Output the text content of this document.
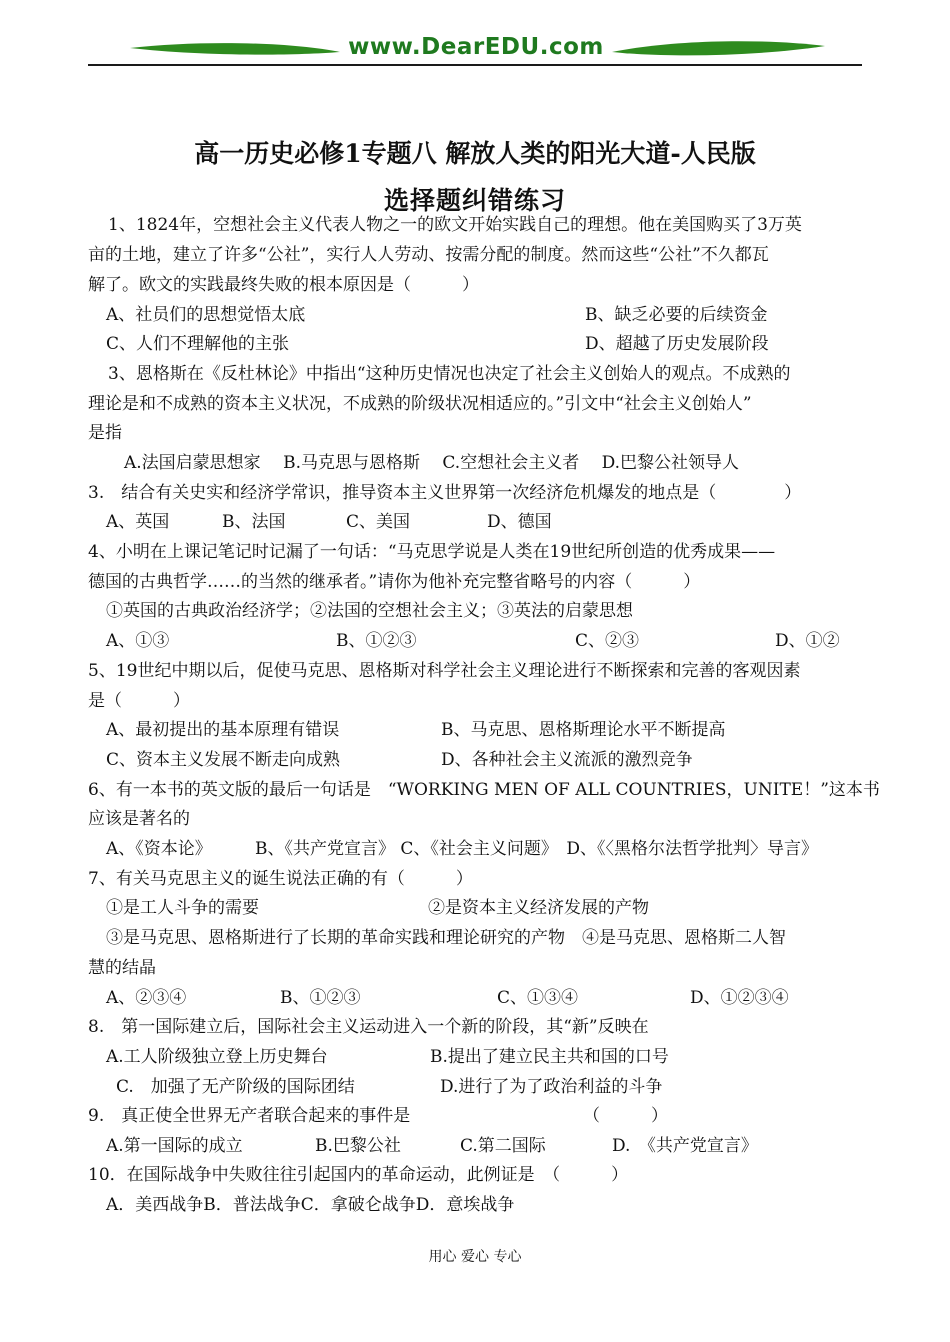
www.DearEDU.com
高一历史必修1专题八 解放人类的阳光大道-人民版
选择题纠错练习
1、1824年，空想社会主义代表人物之一的欧文开始实践自己的理想。他在美国购买了3万英
亩的土地，建立了许多“公社”，实行人人劳动、按需分配的制度。然而这些“公社”不久都瓦
解了。欧文的实践最终失败的根本原因是（　　　）
A、社员们的思想觉悟太底	B、缺乏必要的后续资金
C、人们不理解他的主张	D、超越了历史发展阶段
3、恩格斯在《反杜林论》中指出“这种历史情况也决定了社会主义创始人的观点。不成熟的
理论是和不成熟的资本主义状况，不成熟的阶级状况相适应的。”引文中“社会主义创始人”
是指
A.法国启蒙思想家　 B.马克思与恩格斯　 C.空想社会主义者　 D.巴黎公社领导人
3.　结合有关史实和经济学常识，推导资本主义世界第一次经济危机爆发的地点是（　　　　）
A、英国	B、法国	C、美国	D、德国
4、小明在上课记笔记时记漏了一句话：“马克思学说是人类在19世纪所创造的优秀成果——
德国的古典哲学……的当然的继承者。”请你为他补充完整省略号的内容（　　　）
①英国的古典政治经济学；②法国的空想社会主义；③英法的启蒙思想
A、①③	B、①②③	C、②③	D、①②
5、19世纪中期以后，促使马克思、恩格斯对科学社会主义理论进行不断探索和完善的客观因素
是（　　　）
A、最初提出的基本原理有错误	B、马克思、恩格斯理论水平不断提高
C、资本主义发展不断走向成熟	D、各种社会主义流派的激烈竞争
6、有一本书的英文版的最后一句话是　“WORKING MEN OF ALL COUNTRIES，UNITE！”这本书
应该是著名的
A、《资本论》	B、《共产党宣言》 C、《社会主义问题》　D、《〈黑格尔法哲学批判〉导言》
7、有关马克思主义的诞生说法正确的有（　　　）
①是工人斗争的需要	②是资本主义经济发展的产物
③是马克思、恩格斯进行了长期的革命实践和理论研究的产物　④是马克思、恩格斯二人智
慧的结晶
A、②③④	B、①②③	C、①③④	D、①②③④
8.　第一国际建立后，国际社会主义运动进入一个新的阶段，其“新”反映在
A.工人阶级独立登上历史舞台	B.提出了建立民主共和国的口号
C.　加强了无产阶级的国际团结	D.进行了为了政治利益的斗争
9.　真正使全世界无产者联合起来的事件是	（　　　）
A.第一国际的成立	B.巴黎公社	C.第二国际	D.　《共产党宣言》
10．在国际战争中失败往往引起国内的革命运动，此例证是　（　　　）
A．美西战争B．普法战争C．拿破仑战争D．意埃战争
用心 爱心 专心
